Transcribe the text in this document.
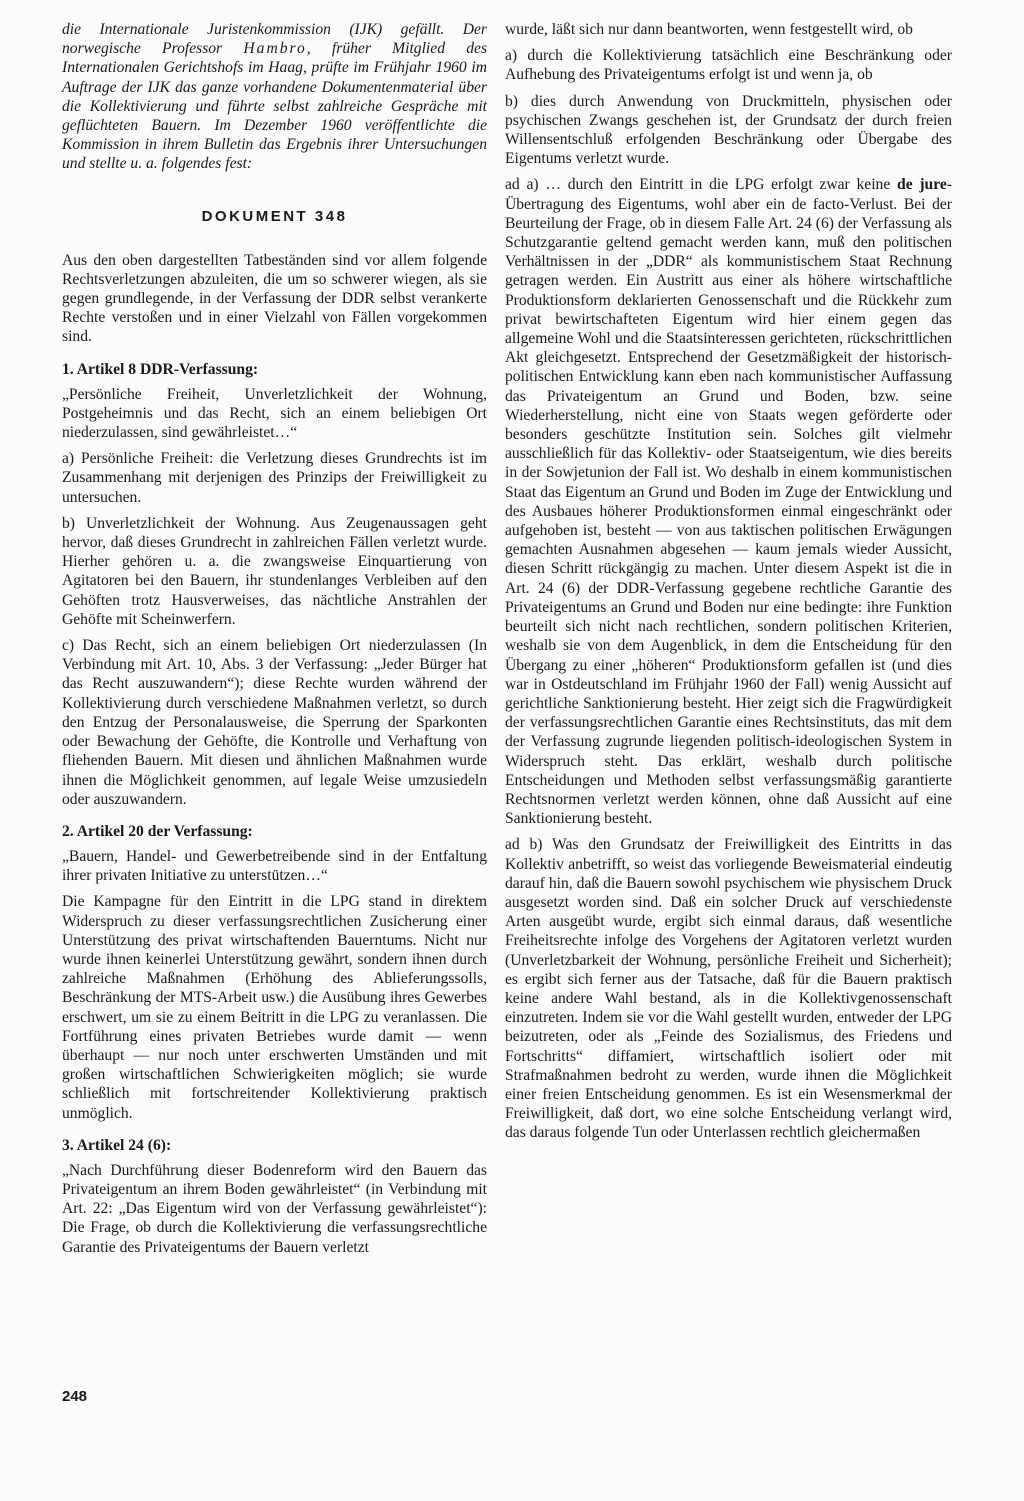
die Internationale Juristenkommission (IJK) gefällt. Der norwegische Professor Hambro, früher Mitglied des Internationalen Gerichtshofs im Haag, prüfte im Frühjahr 1960 im Auftrage der IJK das ganze vorhandene Dokumentenmaterial über die Kollektivierung und führte selbst zahlreiche Gespräche mit geflüchteten Bauern. Im Dezember 1960 veröffentlichte die Kommission in ihrem Bulletin das Ergebnis ihrer Untersuchungen und stellte u. a. folgendes fest:

DOKUMENT 348

Aus den oben dargestellten Tatbeständen sind vor allem folgende Rechtsverletzungen abzuleiten, die um so schwerer wiegen, als sie gegen grundlegende, in der Verfassung der DDR selbst verankerte Rechte verstoßen und in einer Vielzahl von Fällen vorgekommen sind.

1. Artikel 8 DDR-Verfassung:

„Persönliche Freiheit, Unverletzlichkeit der Wohnung, Postgeheimnis und das Recht, sich an einem beliebigen Ort niederzulassen, sind gewährleistet…“

a) Persönliche Freiheit: die Verletzung dieses Grundrechts ist im Zusammenhang mit derjenigen des Prinzips der Freiwilligkeit zu untersuchen.

b) Unverletzlichkeit der Wohnung. Aus Zeugenaussagen geht hervor, daß dieses Grundrecht in zahlreichen Fällen verletzt wurde. Hierher gehören u. a. die zwangsweise Einquartierung von Agitatoren bei den Bauern, ihr stundenlanges Verbleiben auf den Gehöften trotz Hausverweises, das nächtliche Anstrahlen der Gehöfte mit Scheinwerfern.

c) Das Recht, sich an einem beliebigen Ort niederzulassen (In Verbindung mit Art. 10, Abs. 3 der Verfassung: „Jeder Bürger hat das Recht auszuwandern“); diese Rechte wurden während der Kollektivierung durch verschiedene Maßnahmen verletzt, so durch den Entzug der Personalausweise, die Sperrung der Sparkonten oder Bewachung der Gehöfte, die Kontrolle und Verhaftung von fliehenden Bauern. Mit diesen und ähnlichen Maßnahmen wurde ihnen die Möglichkeit genommen, auf legale Weise umzusiedeln oder auszuwandern.

2. Artikel 20 der Verfassung:

„Bauern, Handel- und Gewerbetreibende sind in der Entfaltung ihrer privaten Initiative zu unterstützen…“

Die Kampagne für den Eintritt in die LPG stand in direktem Widerspruch zu dieser verfassungsrechtlichen Zusicherung einer Unterstützung des privat wirtschaftenden Bauerntums. Nicht nur wurde ihnen keinerlei Unterstützung gewährt, sondern ihnen durch zahlreiche Maßnahmen (Erhöhung des Ablieferungssolls, Beschränkung der MTS-Arbeit usw.) die Ausübung ihres Gewerbes erschwert, um sie zu einem Beitritt in die LPG zu veranlassen. Die Fortführung eines privaten Betriebes wurde damit — wenn überhaupt — nur noch unter erschwerten Umständen und mit großen wirtschaftlichen Schwierigkeiten möglich; sie wurde schließlich mit fortschreitender Kollektivierung praktisch unmöglich.

3. Artikel 24 (6):

„Nach Durchführung dieser Bodenreform wird den Bauern das Privateigentum an ihrem Boden gewährleistet“ (in Verbindung mit Art. 22: „Das Eigentum wird von der Verfassung gewährleistet“): Die Frage, ob durch die Kollektivierung die verfassungsrechtliche Garantie des Privateigentums der Bauern verletzt

wurde, läßt sich nur dann beantworten, wenn festgestellt wird, ob

a) durch die Kollektivierung tatsächlich eine Beschränkung oder Aufhebung des Privateigentums erfolgt ist und wenn ja, ob

b) dies durch Anwendung von Druckmitteln, physischen oder psychischen Zwangs geschehen ist, der Grundsatz der durch freien Willensentschluß erfolgenden Beschränkung oder Übergabe des Eigentums verletzt wurde.

ad a) … durch den Eintritt in die LPG erfolgt zwar keine de jure-Übertragung des Eigentums, wohl aber ein de facto-Verlust. Bei der Beurteilung der Frage, ob in diesem Falle Art. 24 (6) der Verfassung als Schutzgarantie geltend gemacht werden kann, muß den politischen Verhältnissen in der „DDR“ als kommunistischem Staat Rechnung getragen werden. Ein Austritt aus einer als höhere wirtschaftliche Produktionsform deklarierten Genossenschaft und die Rückkehr zum privat bewirtschafteten Eigentum wird hier einem gegen das allgemeine Wohl und die Staatsinteressen gerichteten, rückschrittlichen Akt gleichgesetzt. Entsprechend der Gesetzmäßigkeit der historisch-politischen Entwicklung kann eben nach kommunistischer Auffassung das Privateigentum an Grund und Boden, bzw. seine Wiederherstellung, nicht eine von Staats wegen geförderte oder besonders geschützte Institution sein. Solches gilt vielmehr ausschließlich für das Kollektiv- oder Staatseigentum, wie dies bereits in der Sowjetunion der Fall ist. Wo deshalb in einem kommunistischen Staat das Eigentum an Grund und Boden im Zuge der Entwicklung und des Ausbaues höherer Produktionsformen einmal eingeschränkt oder aufgehoben ist, besteht — von aus taktischen politischen Erwägungen gemachten Ausnahmen abgesehen — kaum jemals wieder Aussicht, diesen Schritt rückgängig zu machen. Unter diesem Aspekt ist die in Art. 24 (6) der DDR-Verfassung gegebene rechtliche Garantie des Privateigentums an Grund und Boden nur eine bedingte: ihre Funktion beurteilt sich nicht nach rechtlichen, sondern politischen Kriterien, weshalb sie von dem Augenblick, in dem die Entscheidung für den Übergang zu einer „höheren“ Produktionsform gefallen ist (und dies war in Ostdeutschland im Frühjahr 1960 der Fall) wenig Aussicht auf gerichtliche Sanktionierung besteht. Hier zeigt sich die Fragwürdigkeit der verfassungsrechtlichen Garantie eines Rechtsinstituts, das mit dem der Verfassung zugrunde liegenden politisch-ideologischen System in Widerspruch steht. Das erklärt, weshalb durch politische Entscheidungen und Methoden selbst verfassungsmäßig garantierte Rechtsnormen verletzt werden können, ohne daß Aussicht auf eine Sanktionierung besteht.

ad b) Was den Grundsatz der Freiwilligkeit des Eintritts in das Kollektiv anbetrifft, so weist das vorliegende Beweismaterial eindeutig darauf hin, daß die Bauern sowohl psychischem wie physischem Druck ausgesetzt worden sind. Daß ein solcher Druck auf verschiedenste Arten ausgeübt wurde, ergibt sich einmal daraus, daß wesentliche Freiheitsrechte infolge des Vorgehens der Agitatoren verletzt wurden (Unverletzbarkeit der Wohnung, persönliche Freiheit und Sicherheit); es ergibt sich ferner aus der Tatsache, daß für die Bauern praktisch keine andere Wahl bestand, als in die Kollektivgenossenschaft einzutreten. Indem sie vor die Wahl gestellt wurden, entweder der LPG beizutreten, oder als „Feinde des Sozialismus, des Friedens und Fortschritts“ diffamiert, wirtschaftlich isoliert oder mit Strafmaßnahmen bedroht zu werden, wurde ihnen die Möglichkeit einer freien Entscheidung genommen. Es ist ein Wesensmerkmal der Freiwilligkeit, daß dort, wo eine solche Entscheidung verlangt wird, das daraus folgende Tun oder Unterlassen rechtlich gleichermaßen

248
